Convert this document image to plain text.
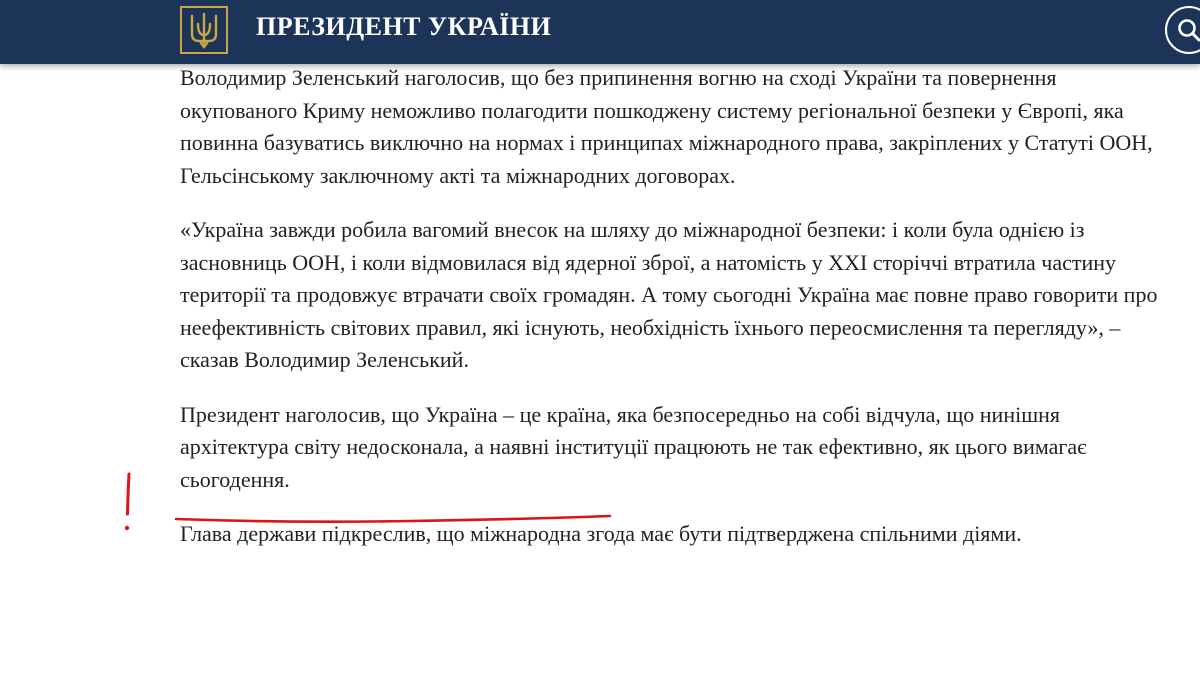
ПРЕЗИДЕНТ УКРАЇНИ

Володимир Зеленський наголосив, що без припинення вогню на сході України та повернення окупованого Криму неможливо полагодити пошкоджену систему регіональної безпеки у Європі, яка повинна базуватись виключно на нормах і принципах міжнародного права, закріплених у Статуті ООН, Гельсінському заключному акті та міжнародних договорах.

«Україна завжди робила вагомий внесок на шляху до міжнародної безпеки: і коли була однією із засновниць ООН, і коли відмовилася від ядерної зброї, а натомість у ХХІ сторіччі втратила частину території та продовжує втрачати своїх громадян. А тому сьогодні Україна має повне право говорити про неефективність світових правил, які існують, необхідність їхнього переосмислення та перегляду», – сказав Володимир Зеленський.

Президент наголосив, що Україна – це країна, яка безпосередньо на собі відчула, що нинішня архітектура світу недосконала, а наявні інституції працюють не так ефективно, як цього вимагає сьогодення.

Глава держави підкреслив, що міжнародна згода має бути підтверджена спільними діями.
